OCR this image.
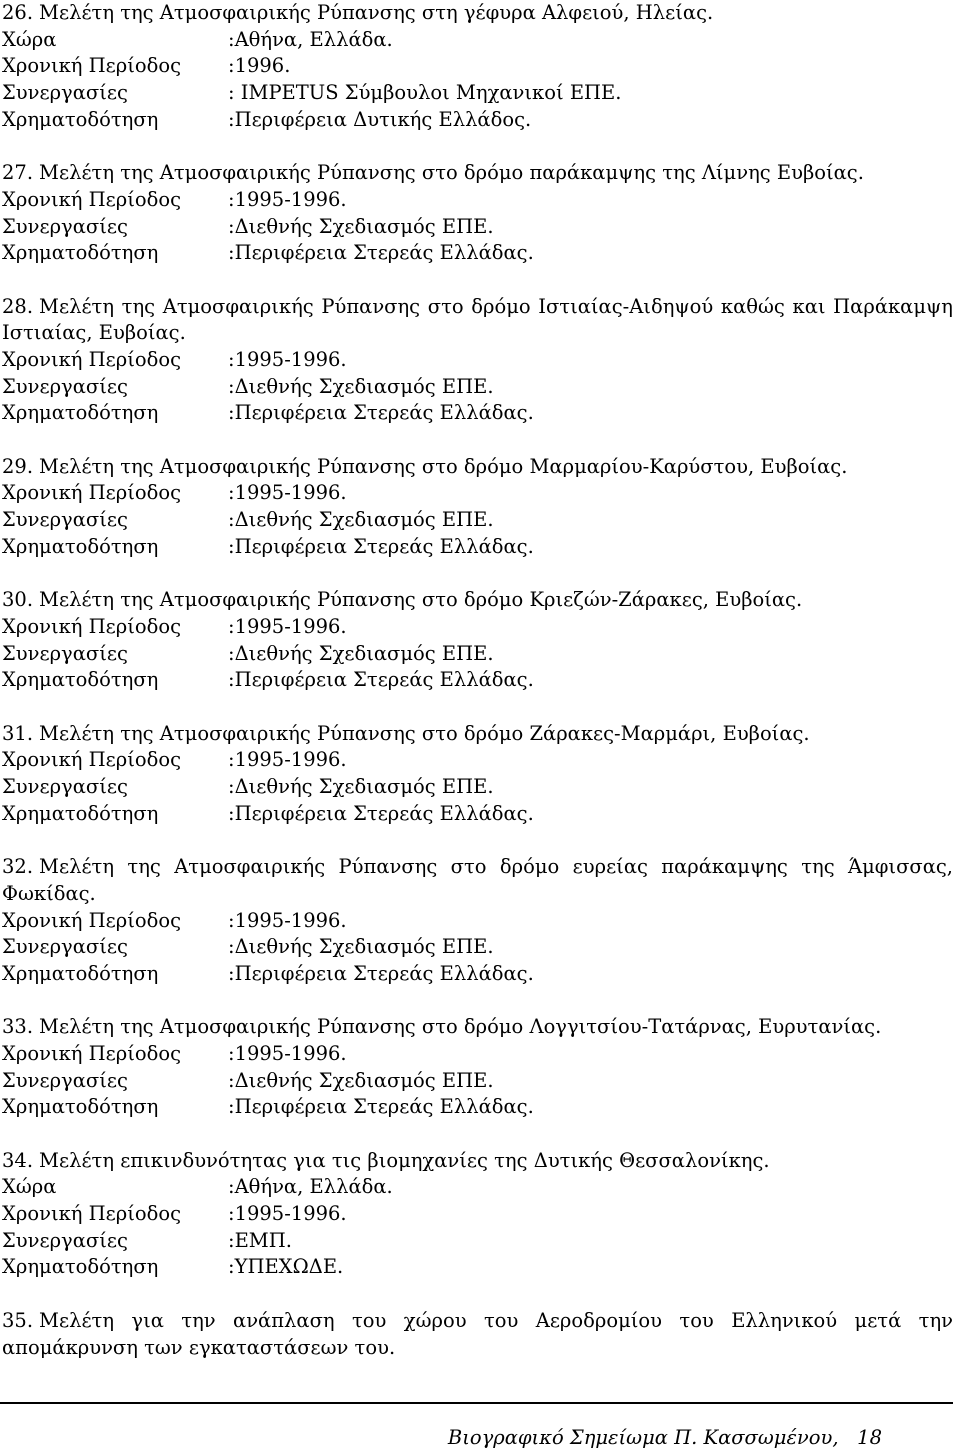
26. Μελέτη της Ατμοσφαιρικής Ρύπανσης στη γέφυρα Αλφειού, Ηλείας.
Χώρα	:Αθήνα, Ελλάδα.
Χρονική Περίοδος	:1996.
Συνεργασίες	: IMPETUS Σύμβουλοι Μηχανικοί ΕΠΕ.
Χρηματοδότηση	:Περιφέρεια Δυτικής Ελλάδος.
27. Μελέτη της Ατμοσφαιρικής Ρύπανσης στο δρόμο παράκαμψης της Λίμνης Ευβοίας.
Χρονική Περίοδος	:1995-1996.
Συνεργασίες	:Διεθνής Σχεδιασμός ΕΠΕ.
Χρηματοδότηση	:Περιφέρεια Στερεάς Ελλάδας.
28. Μελέτη της Ατμοσφαιρικής Ρύπανσης στο δρόμο Ιστιαίας-Αιδηψού καθώς και Παράκαμψη Ιστιαίας, Ευβοίας.
Χρονική Περίοδος	:1995-1996.
Συνεργασίες	:Διεθνής Σχεδιασμός ΕΠΕ.
Χρηματοδότηση	:Περιφέρεια Στερεάς Ελλάδας.
29. Μελέτη της Ατμοσφαιρικής Ρύπανσης στο δρόμο Μαρμαρίου-Καρύστου, Ευβοίας.
Χρονική Περίοδος	:1995-1996.
Συνεργασίες	:Διεθνής Σχεδιασμός ΕΠΕ.
Χρηματοδότηση	:Περιφέρεια Στερεάς Ελλάδας.
30. Μελέτη της Ατμοσφαιρικής Ρύπανσης στο δρόμο Κριεζών-Ζάρακες, Ευβοίας.
Χρονική Περίοδος	:1995-1996.
Συνεργασίες	:Διεθνής Σχεδιασμός ΕΠΕ.
Χρηματοδότηση	:Περιφέρεια Στερεάς Ελλάδας.
31. Μελέτη της Ατμοσφαιρικής Ρύπανσης στο δρόμο Ζάρακες-Μαρμάρι, Ευβοίας.
Χρονική Περίοδος	:1995-1996.
Συνεργασίες	:Διεθνής Σχεδιασμός ΕΠΕ.
Χρηματοδότηση	:Περιφέρεια Στερεάς Ελλάδας.
32. Μελέτη της Ατμοσφαιρικής Ρύπανσης στο δρόμο ευρείας παράκαμψης της Άμφισσας, Φωκίδας.
Χρονική Περίοδος	:1995-1996.
Συνεργασίες	:Διεθνής Σχεδιασμός ΕΠΕ.
Χρηματοδότηση	:Περιφέρεια Στερεάς Ελλάδας.
33. Μελέτη της Ατμοσφαιρικής Ρύπανσης στο δρόμο Λογγιτσίου-Τατάρνας, Ευρυτανίας.
Χρονική Περίοδος	:1995-1996.
Συνεργασίες	:Διεθνής Σχεδιασμός ΕΠΕ.
Χρηματοδότηση	:Περιφέρεια Στερεάς Ελλάδας.
34. Μελέτη επικινδυνότητας για τις βιομηχανίες της Δυτικής Θεσσαλονίκης.
Χώρα	:Αθήνα, Ελλάδα.
Χρονική Περίοδος	:1995-1996.
Συνεργασίες	:ΕΜΠ.
Χρηματοδότηση	:ΥΠΕΧΩΔΕ.
35. Μελέτη για την ανάπλαση του χώρου του Αεροδρομίου του Ελληνικού μετά την απομάκρυνση των εγκαταστάσεων του.
Βιογραφικό Σημείωμα Π. Κασσωμένου, 18
